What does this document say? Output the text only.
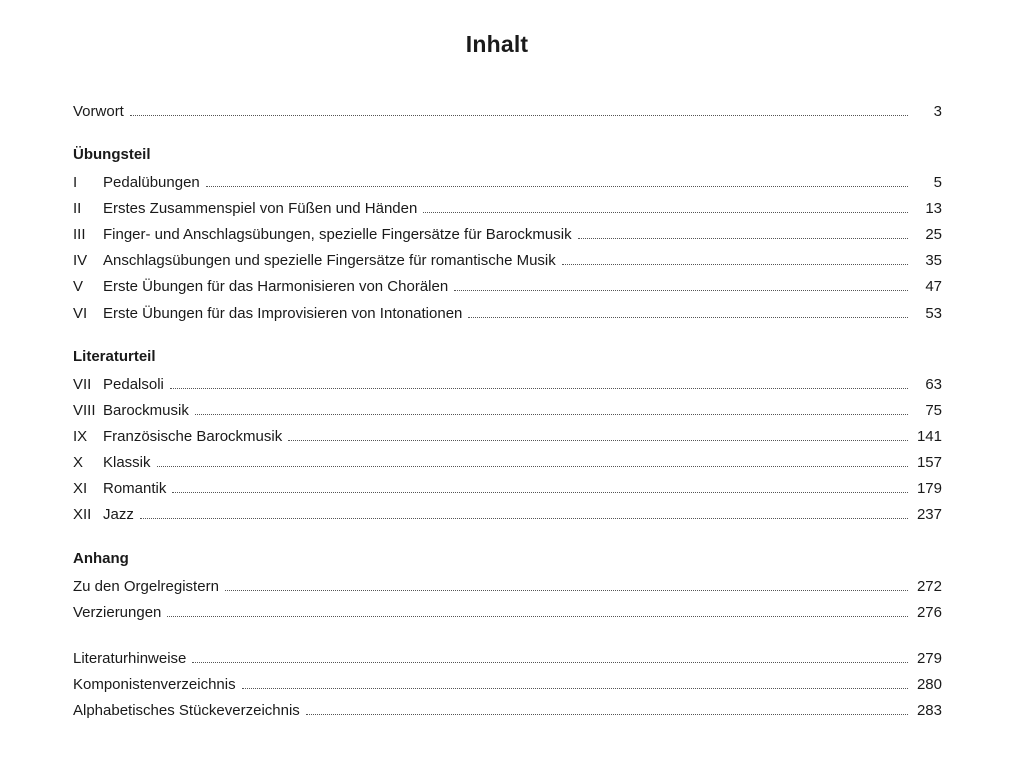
Inhalt
Vorwort	3
Übungsteil
I	Pedalübungen	5
II	Erstes Zusammenspiel von Füßen und Händen	13
III	Finger- und Anschlagsübungen, spezielle Fingersätze für Barockmusik	25
IV	Anschlagsübungen und spezielle Fingersätze für romantische Musik	35
V	Erste Übungen für das Harmonisieren von Chorälen	47
VI	Erste Übungen für das Improvisieren von Intonationen	53
Literaturteil
VII Pedalsoli	63
VIII Barockmusik	75
IX	Französische Barockmusik	141
X	Klassik	157
XI	Romantik	179
XII Jazz	237
Anhang
Zu den Orgelregistern	272
Verzierungen	276
Literaturhinweise	279
Komponistenverzeichnis	280
Alphabetisches Stückeverzeichnis	283
